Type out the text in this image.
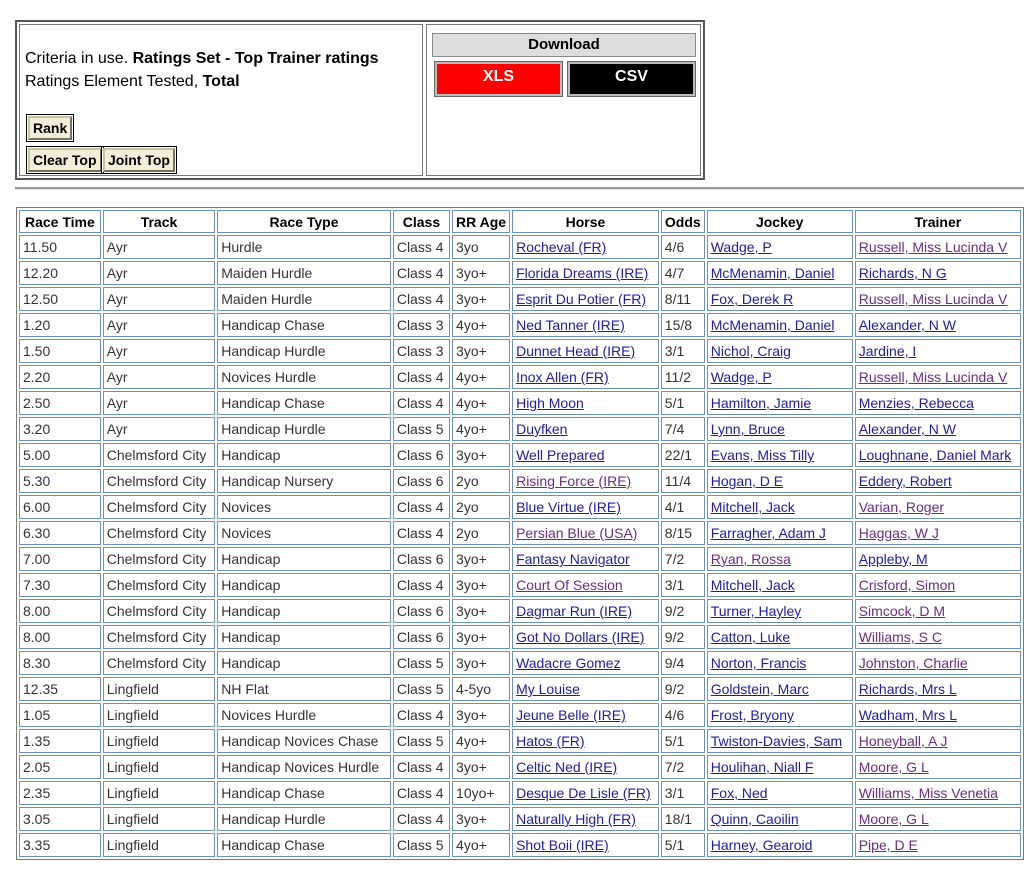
Criteria in use. Ratings Set - Top Trainer ratings
Ratings Element Tested, Total
Rank
Clear Top Joint Top
Download
XLS	CSV
Race Time	Track	Race Type	Class	RR Age	Horse	Odds	Jockey	Trainer
11.50	Ayr	Hurdle	Class 4	3yo	Rocheval (FR)	4/6	Wadge, P	Russell, Miss Lucinda V
12.20	Ayr	Maiden Hurdle	Class 4	3yo+	Florida Dreams (IRE)	4/7	McMenamin, Daniel	Richards, N G
12.50	Ayr	Maiden Hurdle	Class 4	3yo+	Esprit Du Potier (FR)	8/11	Fox, Derek R	Russell, Miss Lucinda V
1.20	Ayr	Handicap Chase	Class 3	4yo+	Ned Tanner (IRE)	15/8	McMenamin, Daniel	Alexander, N W
1.50	Ayr	Handicap Hurdle	Class 3	3yo+	Dunnet Head (IRE)	3/1	Nichol, Craig	Jardine, I
2.20	Ayr	Novices Hurdle	Class 4	4yo+	Inox Allen (FR)	11/2	Wadge, P	Russell, Miss Lucinda V
2.50	Ayr	Handicap Chase	Class 4	4yo+	High Moon	5/1	Hamilton, Jamie	Menzies, Rebecca
3.20	Ayr	Handicap Hurdle	Class 5	4yo+	Duyfken	7/4	Lynn, Bruce	Alexander, N W
5.00	Chelmsford City	Handicap	Class 6	3yo+	Well Prepared	22/1	Evans, Miss Tilly	Loughnane, Daniel Mark
5.30	Chelmsford City	Handicap Nursery	Class 6	2yo	Rising Force (IRE)	11/4	Hogan, D E	Eddery, Robert
6.00	Chelmsford City	Novices	Class 4	2yo	Blue Virtue (IRE)	4/1	Mitchell, Jack	Varian, Roger
6.30	Chelmsford City	Novices	Class 4	2yo	Persian Blue (USA)	8/15	Farragher, Adam J	Haggas, W J
7.00	Chelmsford City	Handicap	Class 6	3yo+	Fantasy Navigator	7/2	Ryan, Rossa	Appleby, M
7.30	Chelmsford City	Handicap	Class 4	3yo+	Court Of Session	3/1	Mitchell, Jack	Crisford, Simon
8.00	Chelmsford City	Handicap	Class 6	3yo+	Dagmar Run (IRE)	9/2	Turner, Hayley	Simcock, D M
8.00	Chelmsford City	Handicap	Class 6	3yo+	Got No Dollars (IRE)	9/2	Catton, Luke	Williams, S C
8.30	Chelmsford City	Handicap	Class 5	3yo+	Wadacre Gomez	9/4	Norton, Francis	Johnston, Charlie
12.35	Lingfield	NH Flat	Class 5	4-5yo	My Louise	9/2	Goldstein, Marc	Richards, Mrs L
1.05	Lingfield	Novices Hurdle	Class 4	3yo+	Jeune Belle (IRE)	4/6	Frost, Bryony	Wadham, Mrs L
1.35	Lingfield	Handicap Novices Chase	Class 5	4yo+	Hatos (FR)	5/1	Twiston-Davies, Sam	Honeyball, A J
2.05	Lingfield	Handicap Novices Hurdle	Class 4	3yo+	Celtic Ned (IRE)	7/2	Houlihan, Niall F	Moore, G L
2.35	Lingfield	Handicap Chase	Class 4	10yo+	Desque De Lisle (FR)	3/1	Fox, Ned	Williams, Miss Venetia
3.05	Lingfield	Handicap Hurdle	Class 4	3yo+	Naturally High (FR)	18/1	Quinn, Caoilin	Moore, G L
3.35	Lingfield	Handicap Chase	Class 5	4yo+	Shot Boii (IRE)	5/1	Harney, Gearoid	Pipe, D E
